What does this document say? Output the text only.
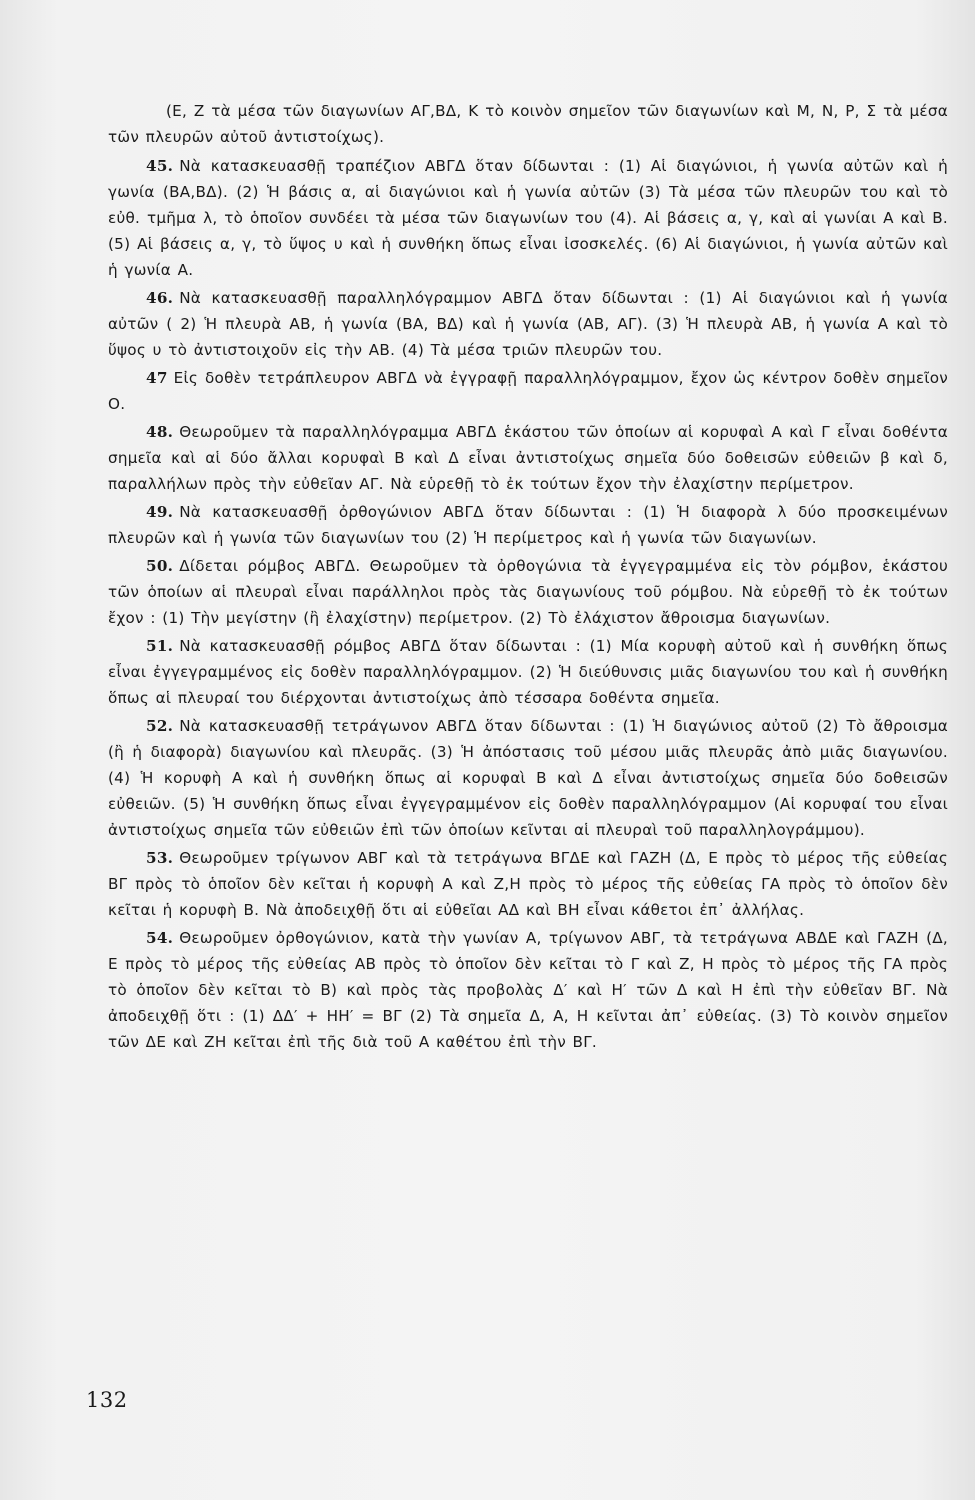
(Ε, Ζ τὰ μέσα τῶν διαγωνίων ΑΓ,ΒΔ, Κ τὸ κοινὸν σημεῖον τῶν διαγωνίων καὶ Μ, Ν, Ρ, Σ τὰ μέσα τῶν πλευρῶν αὐτοῦ ἀντιστοίχως).

45. Νὰ κατασκευασθῇ τραπέζιον ΑΒΓΔ ὅταν δίδωνται : (1) Αἱ διαγώνιοι, ἡ γωνία αὐτῶν καὶ ἡ γωνία (ΒΑ,ΒΔ). (2) Ἡ βάσις α, αἱ διαγώνιοι καὶ ἡ γωνία αὐτῶν (3) Τὰ μέσα τῶν πλευρῶν του καὶ τὸ εὐθ. τμῆμα λ, τὸ ὁποῖον συνδέει τὰ μέσα τῶν διαγωνίων του (4). Αἱ βάσεις α, γ, καὶ αἱ γωνίαι Α καὶ Β. (5) Αἱ βάσεις α, γ, τὸ ὕψος υ καὶ ἡ συνθήκη ὅπως εἶναι ἰσοσκελές. (6) Αἱ διαγώνιοι, ἡ γωνία αὐτῶν καὶ ἡ γωνία Α.

46. Νὰ κατασκευασθῇ παραλληλόγραμμον ΑΒΓΔ ὅταν δίδωνται : (1) Αἱ διαγώνιοι καὶ ἡ γωνία αὐτῶν ( 2) Ἡ πλευρὰ ΑΒ, ἡ γωνία (ΒΑ, ΒΔ) καὶ ἡ γωνία (ΑΒ, ΑΓ). (3) Ἡ πλευρὰ ΑΒ, ἡ γωνία Α καὶ τὸ ὕψος υ τὸ ἀντιστοιχοῦν εἰς τὴν ΑΒ. (4) Τὰ μέσα τριῶν πλευρῶν του.

47 Εἰς δοθὲν τετράπλευρον ΑΒΓΔ νὰ ἐγγραφῇ παραλληλόγραμμον, ἔχον ὡς κέντρον δοθὲν σημεῖον Ο.

48. Θεωροῦμεν τὰ παραλληλόγραμμα ΑΒΓΔ ἑκάστου τῶν ὁποίων αἱ κορυφαὶ Α καὶ Γ εἶναι δοθέντα σημεῖα καὶ αἱ δύο ἄλλαι κορυφαὶ Β καὶ Δ εἶναι ἀντιστοίχως σημεῖα δύο δοθεισῶν εὐθειῶν β καὶ δ, παραλλήλων πρὸς τὴν εὐθεῖαν ΑΓ. Νὰ εὑρεθῇ τὸ ἐκ τούτων ἔχον τὴν ἐλαχίστην περίμετρον.

49. Νὰ κατασκευασθῇ ὀρθογώνιον ΑΒΓΔ ὅταν δίδωνται : (1) Ἡ διαφορὰ λ δύο προσκειμένων πλευρῶν καὶ ἡ γωνία τῶν διαγωνίων του (2) Ἡ περίμετρος καὶ ἡ γωνία τῶν διαγωνίων.

50. Δίδεται ρόμβος ΑΒΓΔ. Θεωροῦμεν τὰ ὀρθογώνια τὰ ἐγγεγραμμένα εἰς τὸν ρόμβον, ἑκάστου τῶν ὁποίων αἱ πλευραὶ εἶναι παράλληλοι πρὸς τὰς διαγωνίους τοῦ ρόμβου. Νὰ εὑρεθῇ τὸ ἐκ τούτων ἔχον : (1) Τὴν μεγίστην (ἢ ἐλαχίστην) περίμετρον. (2) Τὸ ἐλάχιστον ἄθροισμα διαγωνίων.

51. Νὰ κατασκευασθῇ ρόμβος ΑΒΓΔ ὅταν δίδωνται : (1) Μία κορυφὴ αὐτοῦ καὶ ἡ συνθήκη ὅπως εἶναι ἐγγεγραμμένος εἰς δοθὲν παραλληλόγραμμον. (2) Ἡ διεύθυνσις μιᾶς διαγωνίου του καὶ ἡ συνθήκη ὅπως αἱ πλευραί του διέρχονται ἀντιστοίχως ἀπὸ τέσσαρα δοθέντα σημεῖα.

52. Νὰ κατασκευασθῇ τετράγωνον ΑΒΓΔ ὅταν δίδωνται : (1) Ἡ διαγώνιος αὐτοῦ (2) Τὸ ἄθροισμα (ἢ ἡ διαφορὰ) διαγωνίου καὶ πλευρᾶς. (3) Ἡ ἀπόστασις τοῦ μέσου μιᾶς πλευρᾶς ἀπὸ μιᾶς διαγωνίου. (4) Ἡ κορυφὴ Α καὶ ἡ συνθήκη ὅπως αἱ κορυφαὶ Β καὶ Δ εἶναι ἀντιστοίχως σημεῖα δύο δοθεισῶν εὐθειῶν. (5) Ἡ συνθήκη ὅπως εἶναι ἐγγεγραμμένον εἰς δοθὲν παραλληλόγραμμον (Αἱ κορυφαί του εἶναι ἀντιστοίχως σημεῖα τῶν εὐθειῶν ἐπὶ τῶν ὁποίων κεῖνται αἱ πλευραὶ τοῦ παραλληλογράμμου).

53. Θεωροῦμεν τρίγωνον ΑΒΓ καὶ τὰ τετράγωνα ΒΓΔΕ καὶ ΓΑΖΗ (Δ, Ε πρὸς τὸ μέρος τῆς εὐθείας ΒΓ πρὸς τὸ ὁποῖον δὲν κεῖται ἡ κορυφὴ Α καὶ Ζ,Η πρὸς τὸ μέρος τῆς εὐθείας ΓΑ πρὸς τὸ ὁποῖον δὲν κεῖται ἡ κορυφὴ Β. Νὰ ἀποδειχθῇ ὅτι αἱ εὐθεῖαι ΑΔ καὶ ΒΗ εἶναι κάθετοι ἐπ᾽ ἀλλήλας.

54. Θεωροῦμεν ὀρθογώνιον, κατὰ τὴν γωνίαν Α, τρίγωνον ΑΒΓ, τὰ τετράγωνα ΑΒΔΕ καὶ ΓΑΖΗ (Δ, Ε πρὸς τὸ μέρος τῆς εὐθείας ΑΒ πρὸς τὸ ὁποῖον δὲν κεῖται τὸ Γ καὶ Ζ, Η πρὸς τὸ μέρος τῆς ΓΑ πρὸς τὸ ὁποῖον δὲν κεῖται τὸ Β) καὶ πρὸς τὰς προβολὰς Δ′ καὶ Η′ τῶν Δ καὶ Η ἐπὶ τὴν εὐθεῖαν ΒΓ. Νὰ ἀποδειχθῇ ὅτι : (1) ΔΔ′ + ΗΗ′ = ΒΓ (2) Τὰ σημεῖα Δ, Α, Η κεῖνται ἀπ᾽ εὐθείας. (3) Τὸ κοινὸν σημεῖον τῶν ΔΕ καὶ ΖΗ κεῖται ἐπὶ τῆς διὰ τοῦ Α καθέτου ἐπὶ τὴν ΒΓ.

132
